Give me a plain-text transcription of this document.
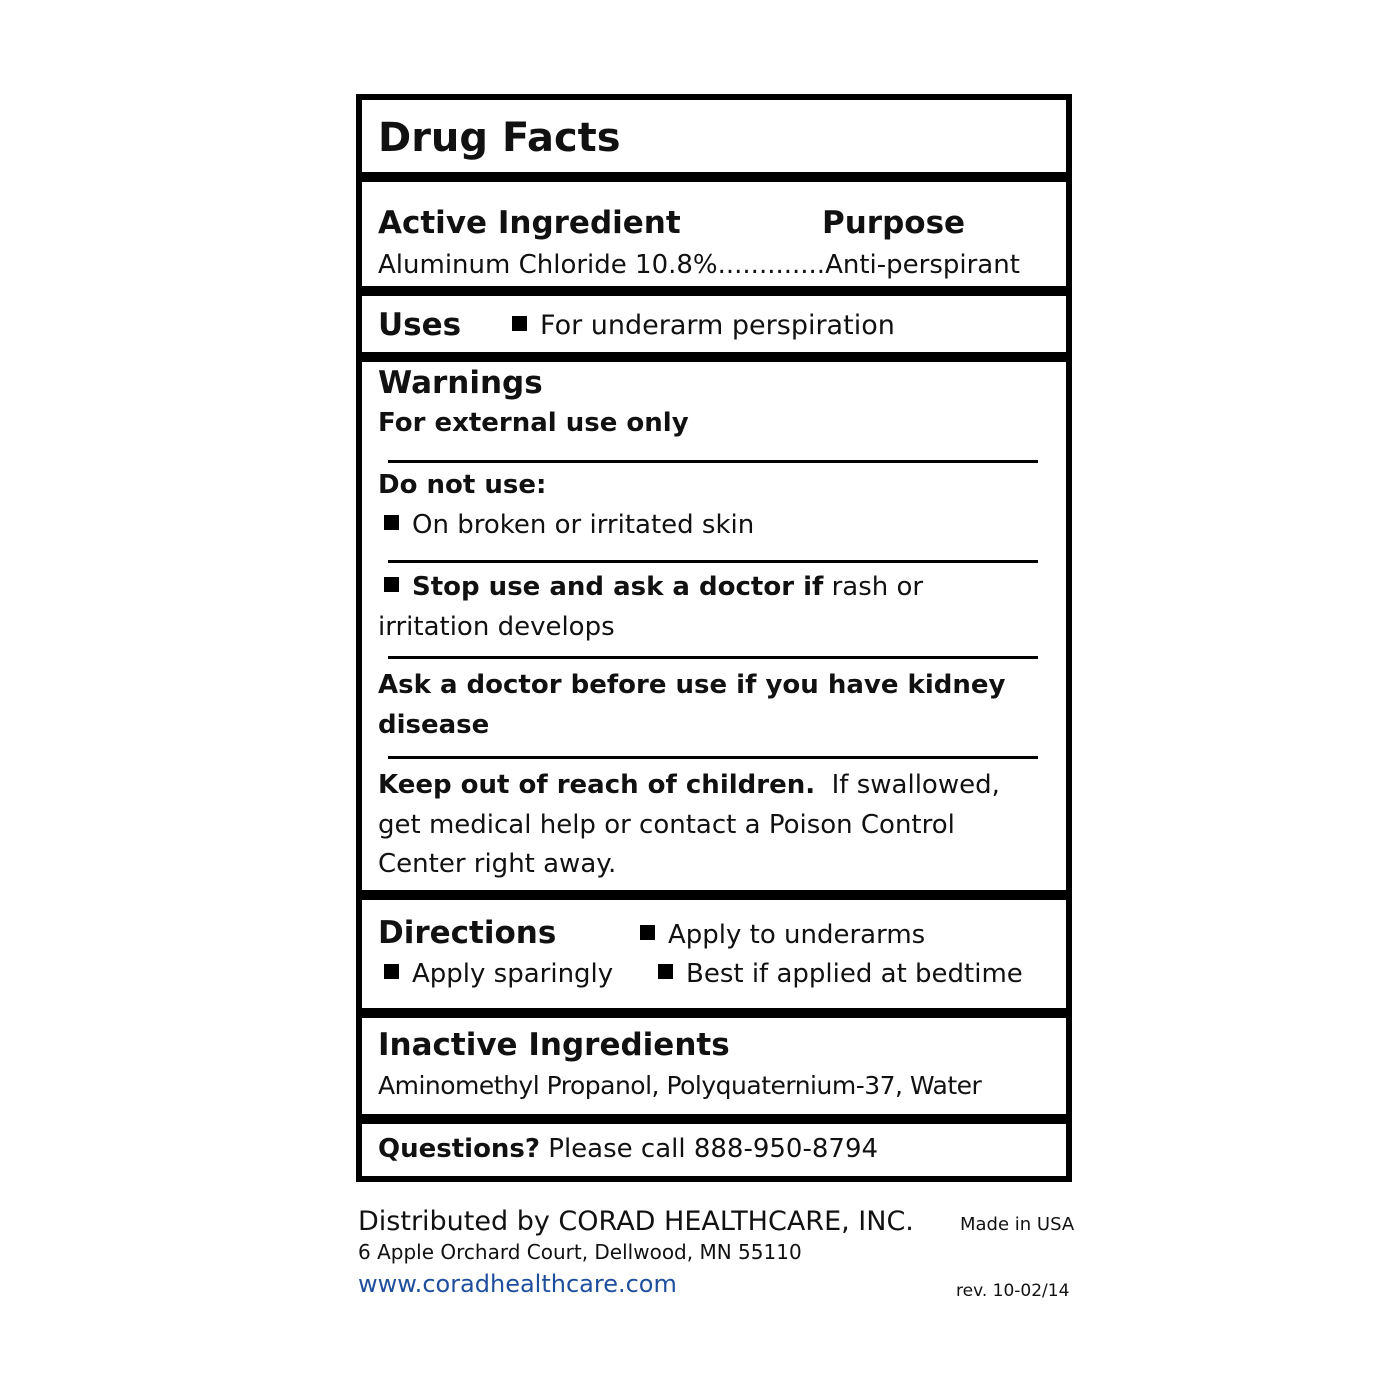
Drug Facts
Active Ingredient	Purpose
Aluminum Chloride 10.8%.............Anti-perspirant
Uses	For underarm perspiration
Warnings
For external use only
Do not use:
On broken or irritated skin
Stop use and ask a doctor if rash or
irritation develops
Ask a doctor before use if you have kidney
disease
Keep out of reach of children. If swallowed,
get medical help or contact a Poison Control
Center right away.
Directions	Apply to underarms
Apply sparingly	Best if applied at bedtime
Inactive Ingredients
Aminomethyl Propanol, Polyquaternium-37, Water
Questions? Please call 888-950-8794
Distributed by CORAD HEALTHCARE, INC.	Made in USA
6 Apple Orchard Court, Dellwood, MN 55110
www.coradhealthcare.com	rev. 10-02/14
